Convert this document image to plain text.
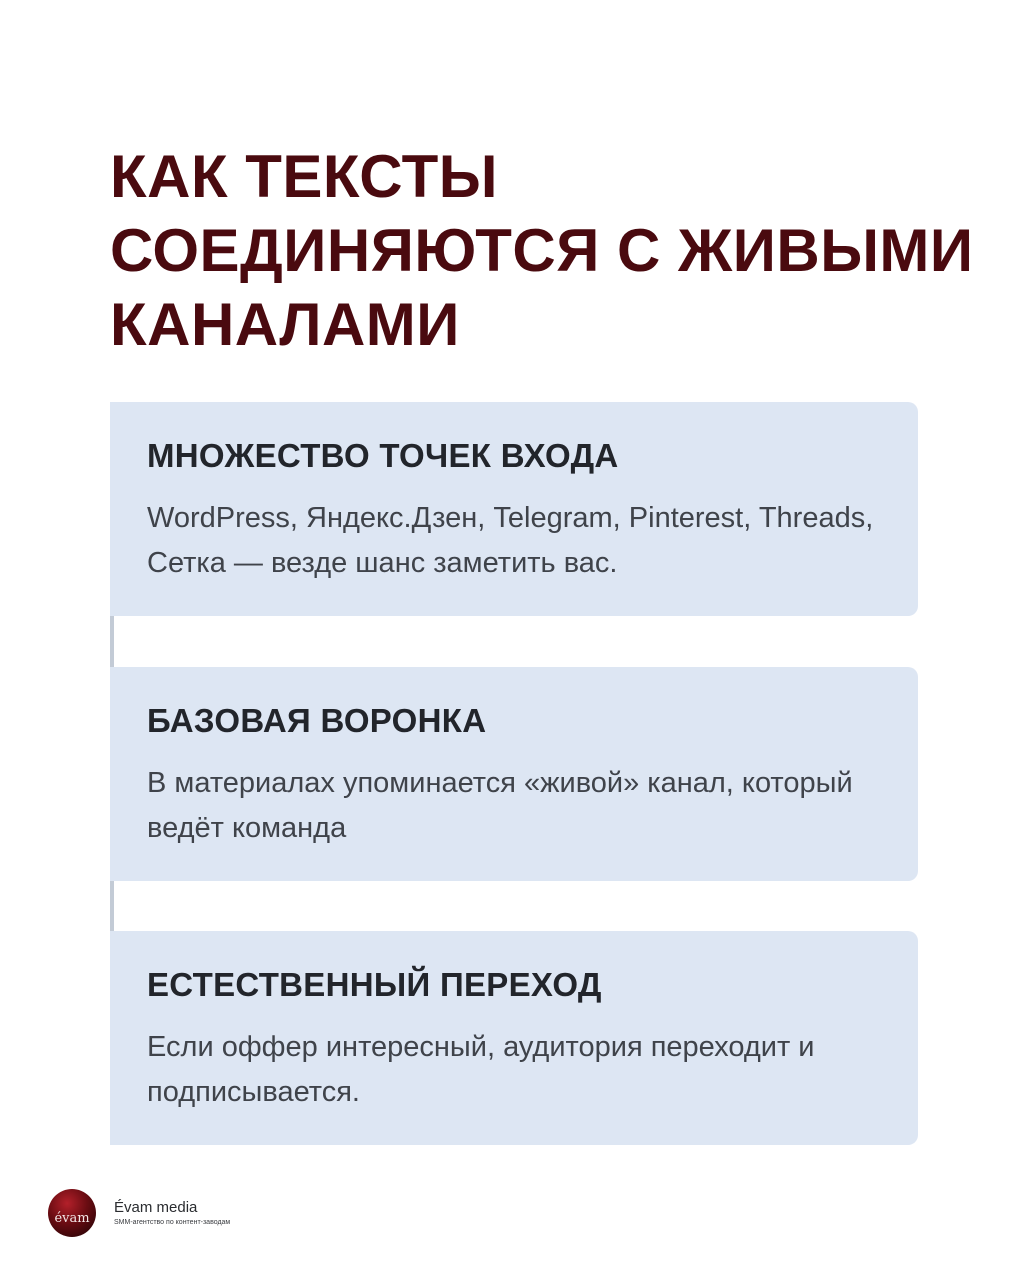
КАК ТЕКСТЫ
СОЕДИНЯЮТСЯ С ЖИВЫМИ
КАНАЛАМИ
МНОЖЕСТВО ТОЧЕК ВХОДА

WordPress, Яндекс.Дзен, Telegram, Pinterest, Threads, Сетка — везде шанс заметить вас.

БАЗОВАЯ ВОРОНКА

В материалах упоминается «живой» канал, который ведёт команда

ЕСТЕСТВЕННЫЙ ПЕРЕХОД

Если оффер интересный, аудитория переходит и подписывается.

évam
Évam media
SMM-агентство по контент-заводам
